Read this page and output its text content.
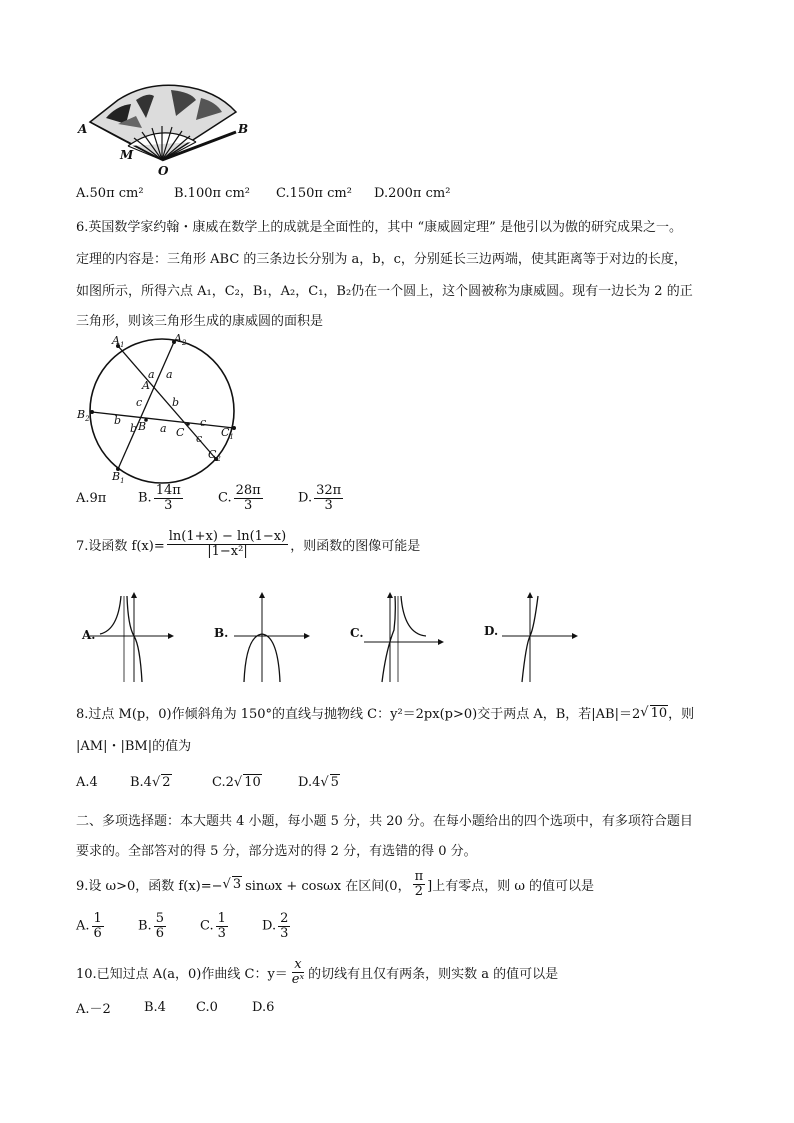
A
M
O
B
A.50π cm²	B.100π cm²	C.150π cm²	D.200π cm²
6.英国数学家约翰・康威在数学上的成就是全面性的，其中 “康威圆定理” 是他引以为傲的研究成果之一。
定理的内容是：三角形 ABC 的三条边长分别为 a，b，c，分别延长三边两端，使其距离等于对边的长度，
如图所示，所得六点 A₁，C₂，B₁，A₂，C₁，B₂仍在一个圆上，这个圆被称为康威圆。现有一边长为 2 的正
三角形，则该三角形生成的康威圆的面积是
$A_1$	$A_2$
$B_2$
$B_1$
$C_1$
$C_2$
A
B	C
a a
c	b
b
b a	c
c
A.9π	B. $\frac{14\pi}{3}$	C. $\frac{28\pi}{3}$	D. $\frac{32\pi}{3}$
7.设函数 $f(x)= \frac{\ln(1+x) - \ln(1-x)}{\text{|1−x²|}}$ ，则函数的图像可能是
A.	B.	C.	D.
8.过点 M(p，0)作倾斜角为 150°的直线与抛物线 C：y²＝2px(p>0)交于两点 A，B，若|AB|＝2 √ 10 ，则
|AM|・|BM|的值为
A.4	B.4 √ 2	C.2 √ 10	D.4 √ 5
二、多项选择题：本大题共 4 小题，每小题 5 分，共 20 分。在每小题给出的四个选项中，有多项符合题目
要求的。全部答对的得 5 分，部分选对的得 2 分，有选错的得 0 分。
9.设 ω>0，函数 f(x)=− √ 3 sinωx + cosωx 在区间(0， $\frac{\pi}{2}$ ]上有零点，则 ω 的值可以是
A. $\frac{1}{6}$	B. $\frac{5}{6}$	C. $\frac{1}{3}$	D. $\frac{2}{3}$
10.已知过点 A(a，0)作曲线 C：$y= \frac{x}{\text{eˣ}}$ 的切线有且仅有两条，则实数 a 的值可以是
A.－2	B.4	C.0	D.6
